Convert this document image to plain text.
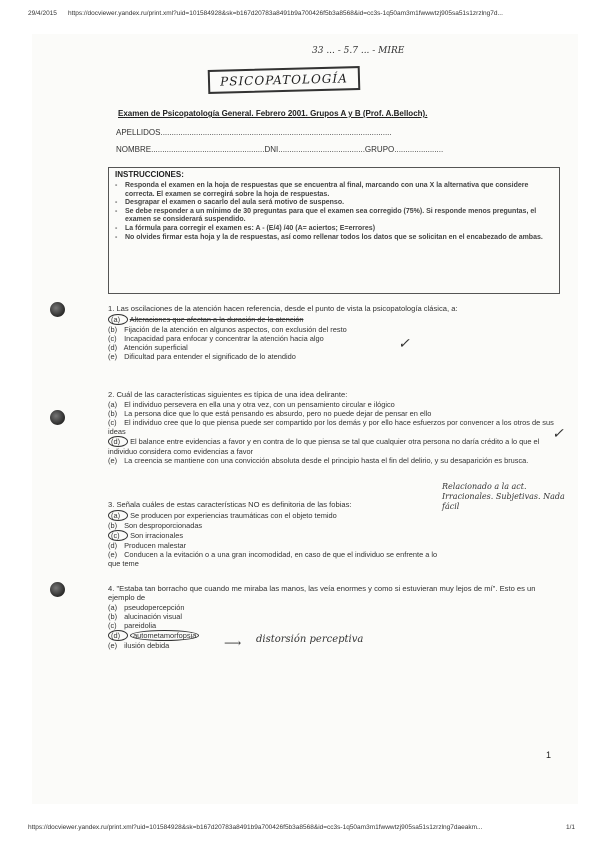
29/4/2015 https://docviewer.yandex.ru/print.xml?uid=101584928&sk=b167d20783a8491b9a700426f5b3a8568&id=cc3s-1q50am3m1fwwwtzj905sa51s1zrzlng7d...
33 ... - 5.7 ... - MIRE
PSICOPATOLOGÍA
Examen de Psicopatología General. Febrero 2001. Grupos A y B (Prof. A.Belloch).
APELLIDOS........................................................................................................
NOMBRE...................................................DNI.......................................GRUPO......................
INSTRUCCIONES:
- Responda el examen en la hoja de respuestas que se encuentra al final, marcando con una X la alternativa que considere correcta. El examen se corregirá sobre la hoja de respuestas.
- Desgrapar el examen o sacarlo del aula será motivo de suspenso.
- Se debe responder a un mínimo de 30 preguntas para que el examen sea corregido (75%). Si responde menos preguntas, el examen se considerará suspendido.
- La fórmula para corregir el examen es: A - (E/4) /40 (A= aciertos; E=errores)
- No olvides firmar esta hoja y la de respuestas, así como rellenar todos los datos que se solicitan en el encabezado de ambas.

1. Las oscilaciones de la atención hacen referencia, desde el punto de vista la psicopatología clásica, a:

(a) Alteraciones que afectan a la duración de la atención
(b) Fijación de la atención en algunos aspectos, con exclusión del resto
(c) Incapacidad para enfocar y concentrar la atención hacia algo
(d) Atención superficial
(e) Dificultad para entender el significado de lo atendido
✓

2. Cuál de las características siguientes es típica de una idea delirante:

(a) El individuo persevera en ella una y otra vez, con un pensamiento circular e ilógico
(b) La persona dice que lo que está pensando es absurdo, pero no puede dejar de pensar en ello
(c) El individuo cree que lo que piensa puede ser compartido por los demás y por ello hace esfuerzos por convencer a los otros de sus ideas
(d) El balance entre evidencias a favor y en contra de lo que piensa se tal que cualquier otra persona no daría crédito a lo que el individuo considera como evidencias a favor
(e) La creencia se mantiene con una convicción absoluta desde el principio hasta el fin del delirio, y su desaparición es brusca.
✓

3. Señala cuáles de estas características NO es definitoria de las fobias:

(a) Se producen por experiencias traumáticas con el objeto temido
(b) Son desproporcionadas
(c) Son irracionales
(d) Producen malestar
(e) Conducen a la evitación o a una gran incomodidad, en caso de que el individuo se enfrente a lo que teme
Relacionado a la act. Irracionales. Subjetivas. Nada fácil

4. "Estaba tan borracho que cuando me miraba las manos, las veía enormes y como si estuvieran muy lejos de mí". Esto es un ejemplo de

(a) pseudopercepción
(b) alucinación visual
(c) pareidolia
(d) autometamorfopsia
(e) ilusión debida	⟶ distorsión perceptiva
1
https://docviewer.yandex.ru/print.xml?uid=101584928&sk=b167d20783a8491b9a700426f5b3a8568&id=cc3s-1q50am3m1fwwwtzj905sa51s1zrzlng7daeakm...	1/1
